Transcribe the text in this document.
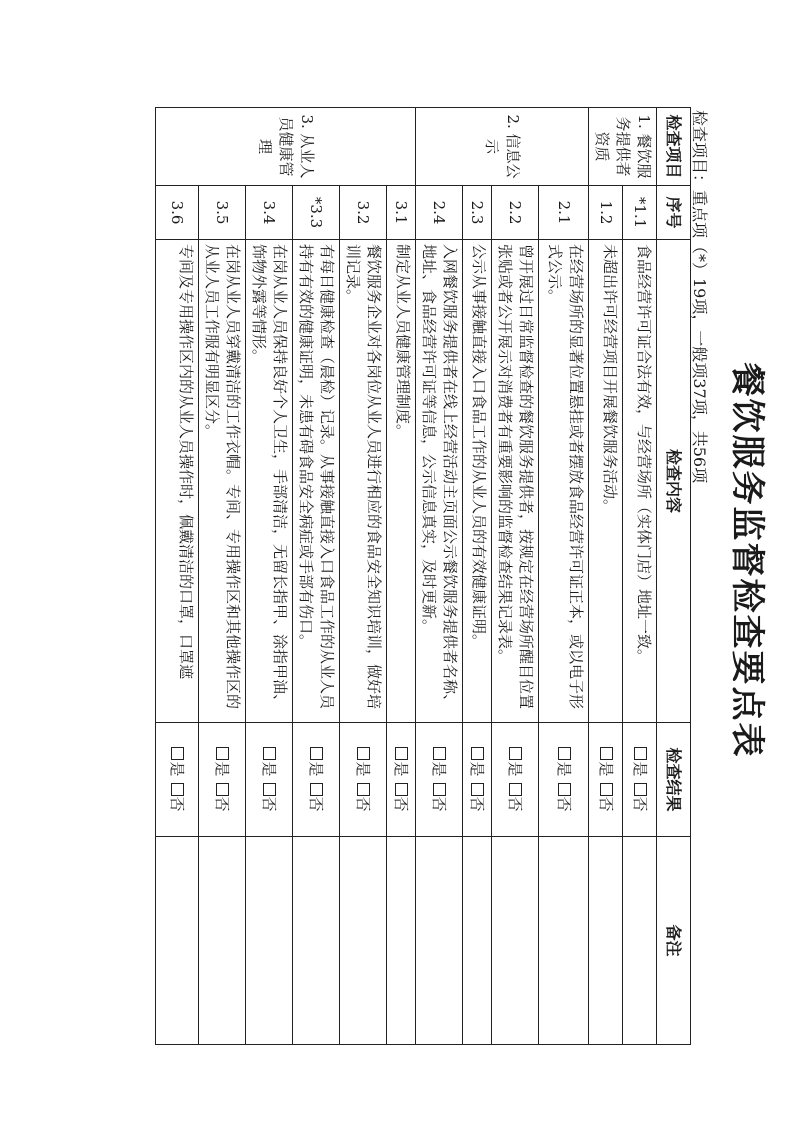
餐饮服务监督检查要点表
检查项目：重点项（*）19项，一般项37项，共56项
检查项目	序号	检查内容	检查结果	备注
1. 餐饮服务提供者资质	*1.1	食品经营许可证合法有效，与经营场所（实体门店）地址一致。	是否	
	1.2	未超出许可经营项目开展餐饮服务活动。	是否	
2. 信息公示	2.1	在经营场所的显著位置悬挂或者摆放食品经营许可证正本，或以电子形式公示。	是否	
	2.2	曾开展过日常监督检查的餐饮服务提供者，按规定在经营场所醒目位置张贴或者公开展示对消费者有重要影响的监督检查结果记录表。	是否	
	2.3	公示从事接触直接入口食品工作的从业人员的有效健康证明。	是否	
	2.4	入网餐饮服务提供者在线上经营活动主页面公示餐饮服务提供者名称、地址、食品经营许可证等信息，公示信息真实，及时更新。	是否	
3. 从业人员健康管理	3.1	制定从业人员健康管理制度。	是否	
	3.2	餐饮服务企业对各岗位从业人员进行相应的食品安全知识培训，做好培训记录。	是否	
	*3.3	有每日健康检查（晨检）记录。从事接触直接入口食品工作的从业人员持有有效的健康证明，未患有碍食品安全病症或手部有伤口。	是否	
	3.4	在岗从业人员保持良好个人卫生，手部清洁，无留长指甲、涂指甲油、饰物外露等情形。	是否	
	3.5	在岗从业人员穿戴清洁的工作衣帽。专间、专用操作区和其他操作区的从业人员工作服有明显区分。	是否	
	3.6	专间及专用操作区内的从业人员操作时，佩戴清洁的口罩，口罩遮	是否	
